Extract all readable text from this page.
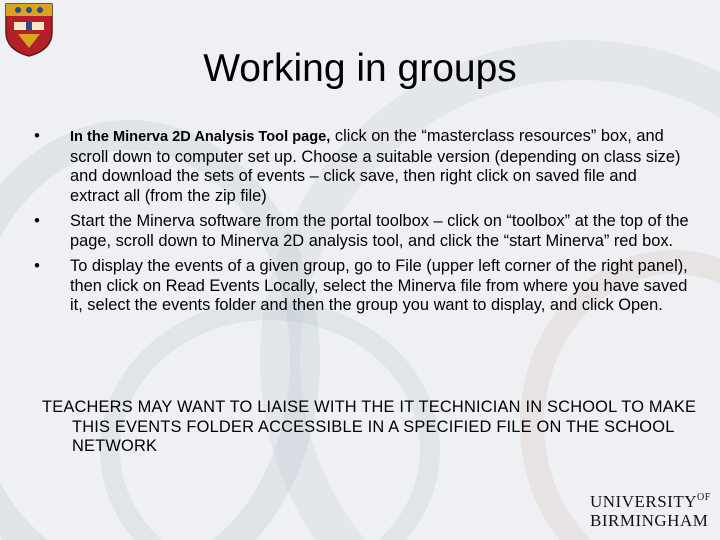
Working in groups
• In the Minerva 2D Analysis Tool page, click on the “masterclass resources” box, and scroll down to computer set up. Choose a suitable version (depending on class size) and download the sets of events – click save, then right click on saved file and extract all (from the zip file)
• Start the Minerva software from the portal toolbox – click on “toolbox” at the top of the page, scroll down to Minerva 2D analysis tool, and click the “start Minerva” red box.
• To display the events of a given group, go to File (upper left corner of the right panel), then click on Read Events Locally, select the Minerva file from where you have saved it, select the events folder and then the group you want to display, and click Open.
TEACHERS MAY WANT TO LIAISE WITH THE IT TECHNICIAN IN SCHOOL TO MAKE THIS EVENTS FOLDER ACCESSIBLE IN A SPECIFIED FILE ON THE SCHOOL NETWORK
$UNIVERSITY^{OF}$
BIRMINGHAM
